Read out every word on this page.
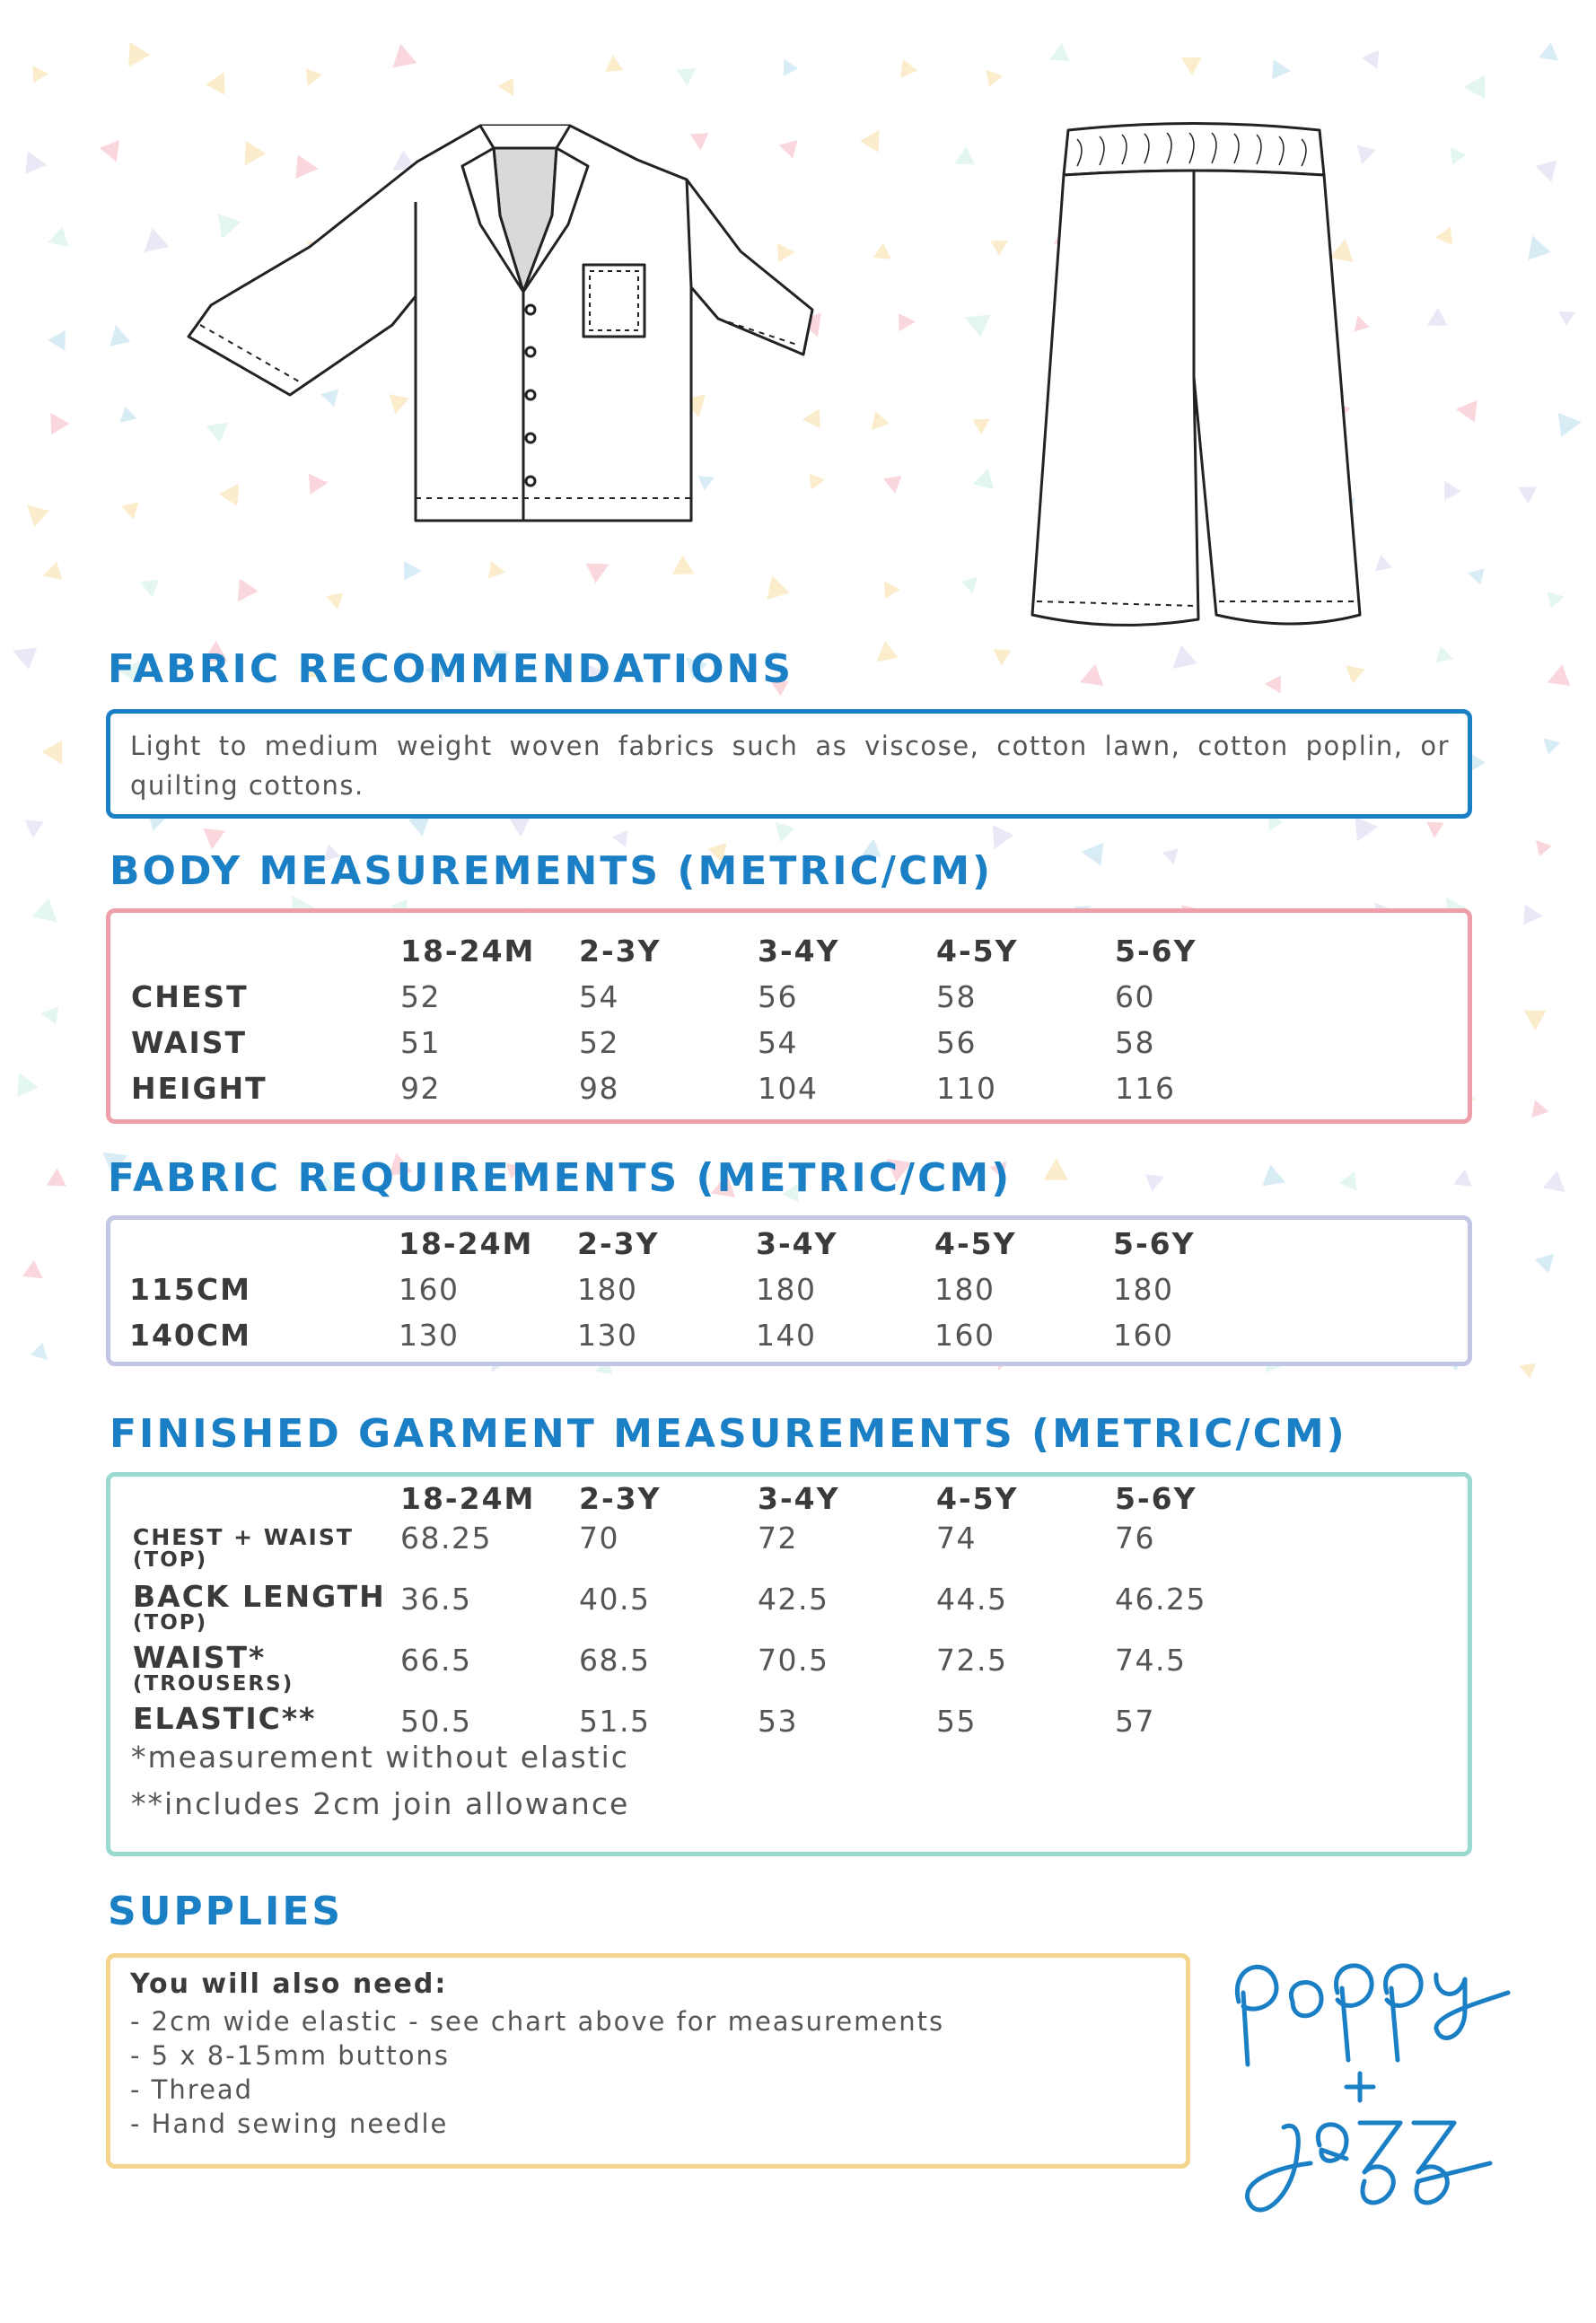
FABRIC RECOMMENDATIONS
Light to medium weight woven fabrics such as viscose, cotton lawn, cotton poplin, or quilting cottons.
BODY MEASUREMENTS (METRIC/CM)
	18-24M	2-3Y	3-4Y	4-5Y	5-6Y
CHEST	52	54	56	58	60
WAIST	51	52	54	56	58
HEIGHT	92	98	104	110	116
FABRIC REQUIREMENTS (METRIC/CM)
	18-24M	2-3Y	3-4Y	4-5Y	5-6Y
115CM	160	180	180	180	180
140CM	130	130	140	160	160
FINISHED GARMENT MEASUREMENTS (METRIC/CM)
	18-24M	2-3Y	3-4Y	4-5Y	5-6Y

CHEST + WAIST
(TOP)	68.25	70	72	74	76

BACK LENGTH
(TOP)	36.5	40.5	42.5	44.5	46.25

WAIST*
(TROUSERS)	66.5	68.5	70.5	72.5	74.5

ELASTIC**	50.5	51.5	53	55	57
*measurement without elastic
**includes 2cm join allowance
SUPPLIES
You will also need:
- 2cm wide elastic - see chart above for measurements
- 5 x 8-15mm buttons
- Thread
- Hand sewing needle
